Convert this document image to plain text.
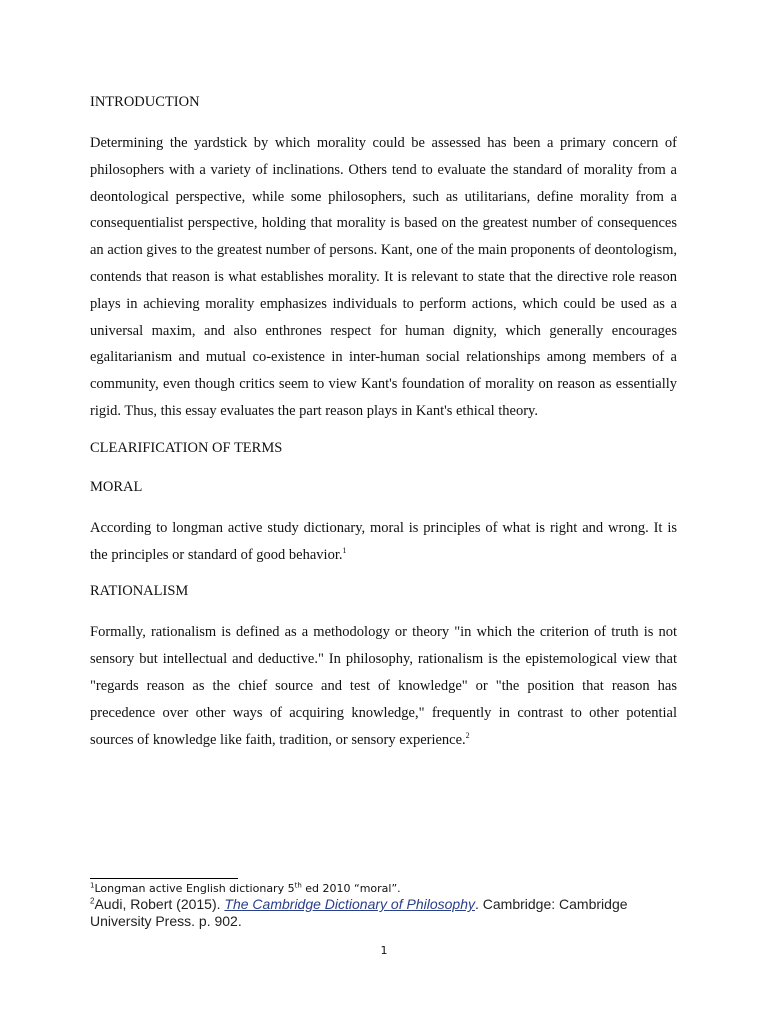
INTRODUCTION

Determining the yardstick by which morality could be assessed has been a primary concern of philosophers with a variety of inclinations. Others tend to evaluate the standard of morality from a deontological perspective, while some philosophers, such as utilitarians, define morality from a consequentialist perspective, holding that morality is based on the greatest number of consequences an action gives to the greatest number of persons. Kant, one of the main proponents of deontologism, contends that reason is what establishes morality. It is relevant to state that the directive role reason plays in achieving morality emphasizes individuals to perform actions, which could be used as a universal maxim, and also enthrones respect for human dignity, which generally encourages egalitarianism and mutual co-existence in inter-human social relationships among members of a community, even though critics seem to view Kant's foundation of morality on reason as essentially rigid. Thus, this essay evaluates the part reason plays in Kant's ethical theory.

CLEARIFICATION OF TERMS

MORAL

According to longman active study dictionary, moral is principles of what is right and wrong. It is the principles or standard of good behavior.$^1$

RATIONALISM

Formally, rationalism is defined as a methodology or theory "in which the criterion of truth is not sensory but intellectual and deductive." In philosophy, rationalism is the epistemological view that "regards reason as the chief source and test of knowledge" or "the position that reason has precedence over other ways of acquiring knowledge," frequently in contrast to other potential sources of knowledge like faith, tradition, or sensory experience.$^2$

$^1$Longman active English dictionary 5th ed 2010 “moral”.

$^2$Audi, Robert (2015). The Cambridge Dictionary of Philosophy. Cambridge: Cambridge University Press. p. 902.

1
